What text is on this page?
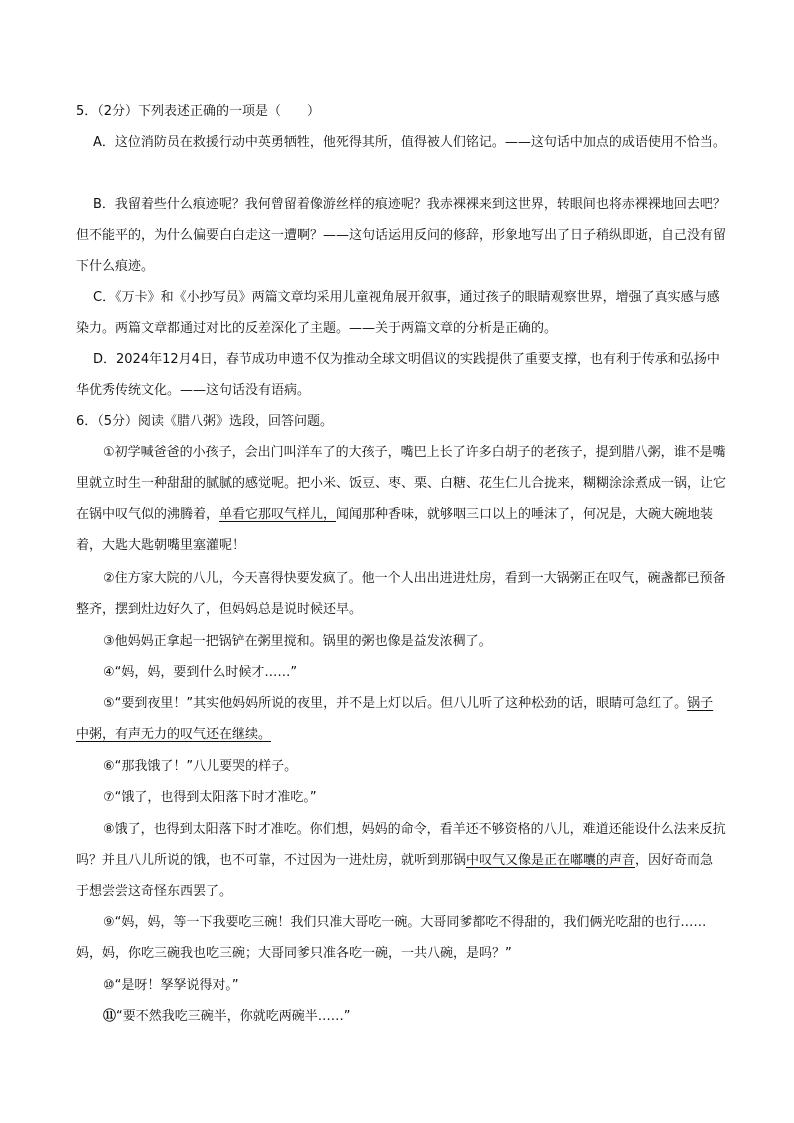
5．（2分）下列表述正确的一项是（　　）

A．这位消防员在救援行动中英勇牺牲，他死得其所，值得被人们铭记。——这句话中加点的成语使用不恰当。

B．我留着些什么痕迹呢？我何曾留着像游丝样的痕迹呢？我赤裸裸来到这世界，转眼间也将赤裸裸地回去吧？但不能平的，为什么偏要白白走这一遭啊？——这句话运用反问的修辞，形象地写出了日子稍纵即逝，自己没有留下什么痕迹。

C．《万卡》和《小抄写员》两篇文章均采用儿童视角展开叙事，通过孩子的眼睛观察世界，增强了真实感与感染力。两篇文章都通过对比的反差深化了主题。——关于两篇文章的分析是正确的。

D．2024年12月4日，春节成功申遗不仅为推动全球文明倡议的实践提供了重要支撑，也有利于传承和弘扬中华优秀传统文化。——这句话没有语病。

6．（5分）阅读《腊八粥》选段，回答问题。

①初学喊爸爸的小孩子，会出门叫洋车了的大孩子，嘴巴上长了许多白胡子的老孩子，提到腊八粥，谁不是嘴里就立时生一种甜甜的腻腻的感觉呢。把小米、饭豆、枣、栗、白糖、花生仁儿合拢来，糊糊涂涂煮成一锅，让它在锅中叹气似的沸腾着，单看它那叹气样儿，闻闻那种香味，就够咽三口以上的唾沫了，何况是，大碗大碗地装着，大匙大匙朝嘴里塞灌呢！

②住方家大院的八儿，今天喜得快要发疯了。他一个人出出进进灶房，看到一大锅粥正在叹气，碗盏都已预备整齐，摆到灶边好久了，但妈妈总是说时候还早。

③他妈妈正拿起一把锅铲在粥里搅和。锅里的粥也像是益发浓稠了。

④“妈，妈，要到什么时候才……”

⑤“要到夜里！”其实他妈妈所说的夜里，并不是上灯以后。但八儿听了这种松劲的话，眼睛可急红了。锅子中粥，有声无力的叹气还在继续。

⑥“那我饿了！”八儿要哭的样子。

⑦“饿了，也得到太阳落下时才准吃。”

⑧饿了，也得到太阳落下时才准吃。你们想，妈妈的命令，看羊还不够资格的八儿，难道还能设什么法来反抗吗？并且八儿所说的饿，也不可靠，不过因为一进灶房，就听到那锅中叹气又像是正在嘟囔的声音，因好奇而急于想尝尝这奇怪东西罢了。

⑨“妈，妈，等一下我要吃三碗！我们只准大哥吃一碗。大哥同爹都吃不得甜的，我们俩光吃甜的也行……妈，妈，你吃三碗我也吃三碗；大哥同爹只准各吃一碗，一共八碗，是吗？”

⑩“是呀！孥孥说得对。”

⑪“要不然我吃三碗半，你就吃两碗半……”
